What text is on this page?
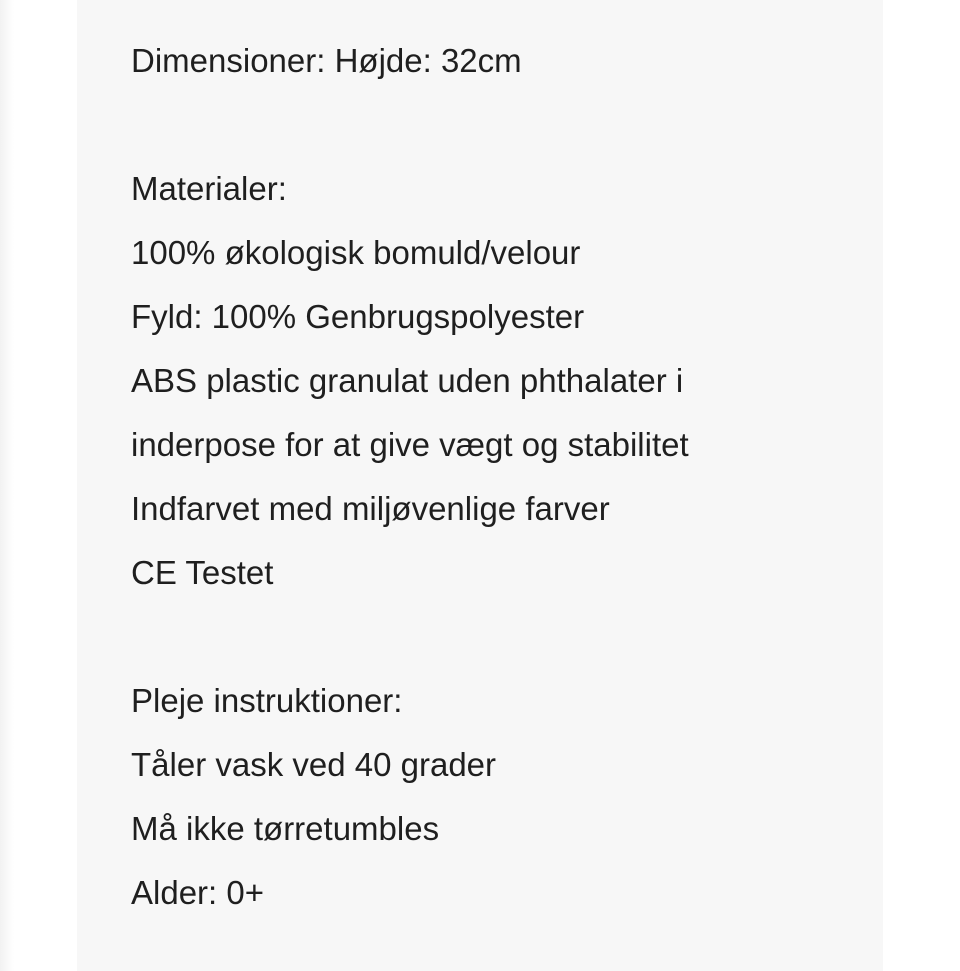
Dimensioner: Højde: 32cm
Materialer:
100% økologisk bomuld/velour
Fyld: 100% Genbrugspolyester
ABS plastic granulat uden phthalater i
inderpose for at give vægt og stabilitet
Indfarvet med miljøvenlige farver
CE Testet
Pleje instruktioner:
Tåler vask ved 40 grader
Må ikke tørretumbles
Alder: 0+
